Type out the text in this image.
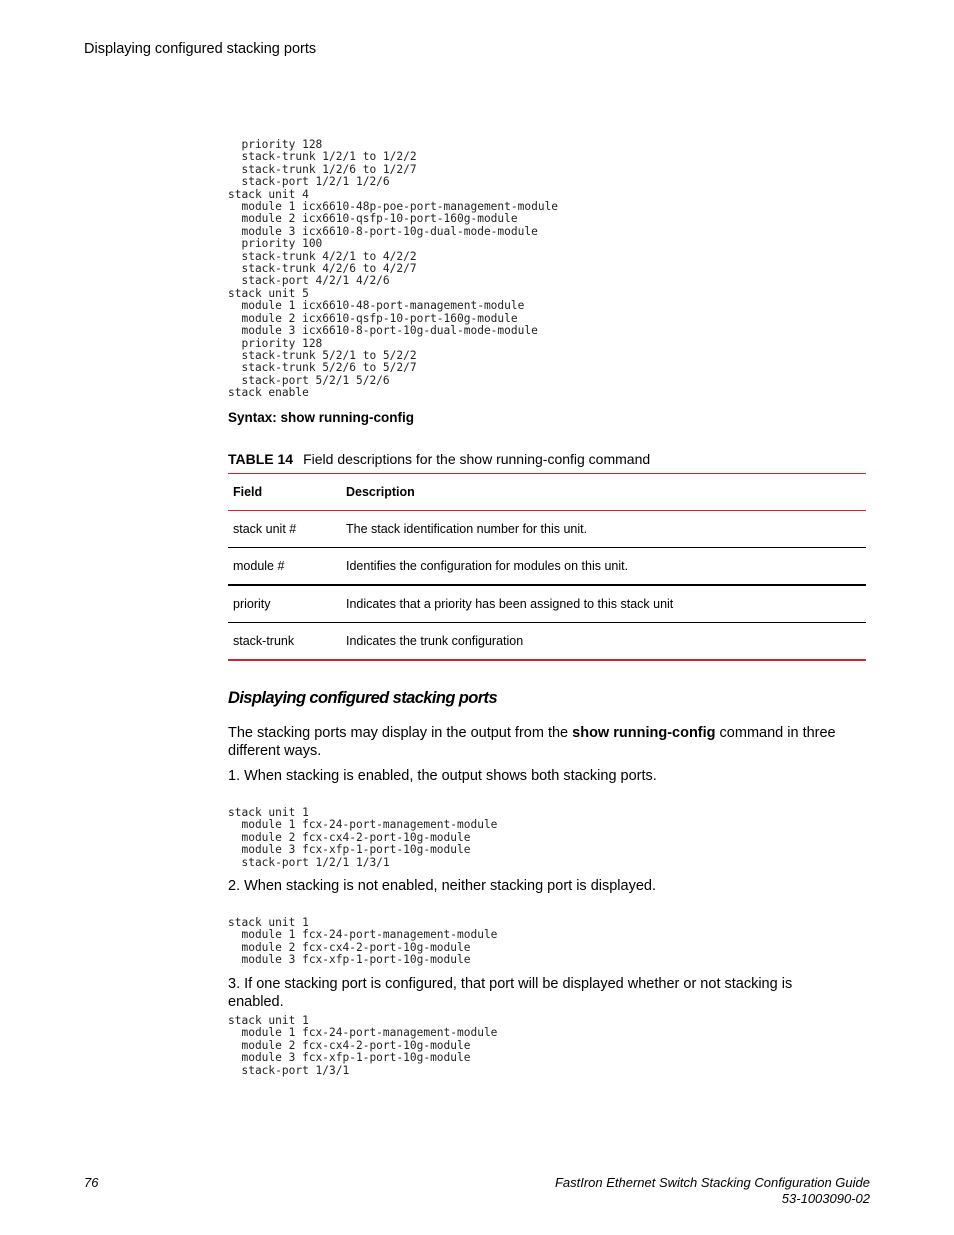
Displaying configured stacking ports
priority 128
stack-trunk 1/2/1 to 1/2/2
stack-trunk 1/2/6 to 1/2/7
stack-port 1/2/1 1/2/6
stack unit 4
module 1 icx6610-48p-poe-port-management-module
module 2 icx6610-qsfp-10-port-160g-module
module 3 icx6610-8-port-10g-dual-mode-module
priority 100
stack-trunk 4/2/1 to 4/2/2
stack-trunk 4/2/6 to 4/2/7
stack-port 4/2/1 4/2/6
stack unit 5
module 1 icx6610-48-port-management-module
module 2 icx6610-qsfp-10-port-160g-module
module 3 icx6610-8-port-10g-dual-mode-module
priority 128
stack-trunk 5/2/1 to 5/2/2
stack-trunk 5/2/6 to 5/2/7
stack-port 5/2/1 5/2/6
stack enable
Syntax: show running-config
TABLE 14 Field descriptions for the show running-config command
Field	Description
stack unit #	The stack identification number for this unit.
module #	Identifies the configuration for modules on this unit.
priority	Indicates that a priority has been assigned to this stack unit
stack-trunk	Indicates the trunk configuration
Displaying configured stacking ports
The stacking ports may display in the output from the show running-config command in three different ways.
1. When stacking is enabled, the output shows both stacking ports.
stack unit 1
module 1 fcx-24-port-management-module
module 2 fcx-cx4-2-port-10g-module
module 3 fcx-xfp-1-port-10g-module
stack-port 1/2/1 1/3/1
2. When stacking is not enabled, neither stacking port is displayed.
stack unit 1
module 1 fcx-24-port-management-module
module 2 fcx-cx4-2-port-10g-module
module 3 fcx-xfp-1-port-10g-module
3. If one stacking port is configured, that port will be displayed whether or not stacking is enabled.
stack unit 1
module 1 fcx-24-port-management-module
module 2 fcx-cx4-2-port-10g-module
module 3 fcx-xfp-1-port-10g-module
stack-port 1/3/1
76	FastIron Ethernet Switch Stacking Configuration Guide
53-1003090-02
